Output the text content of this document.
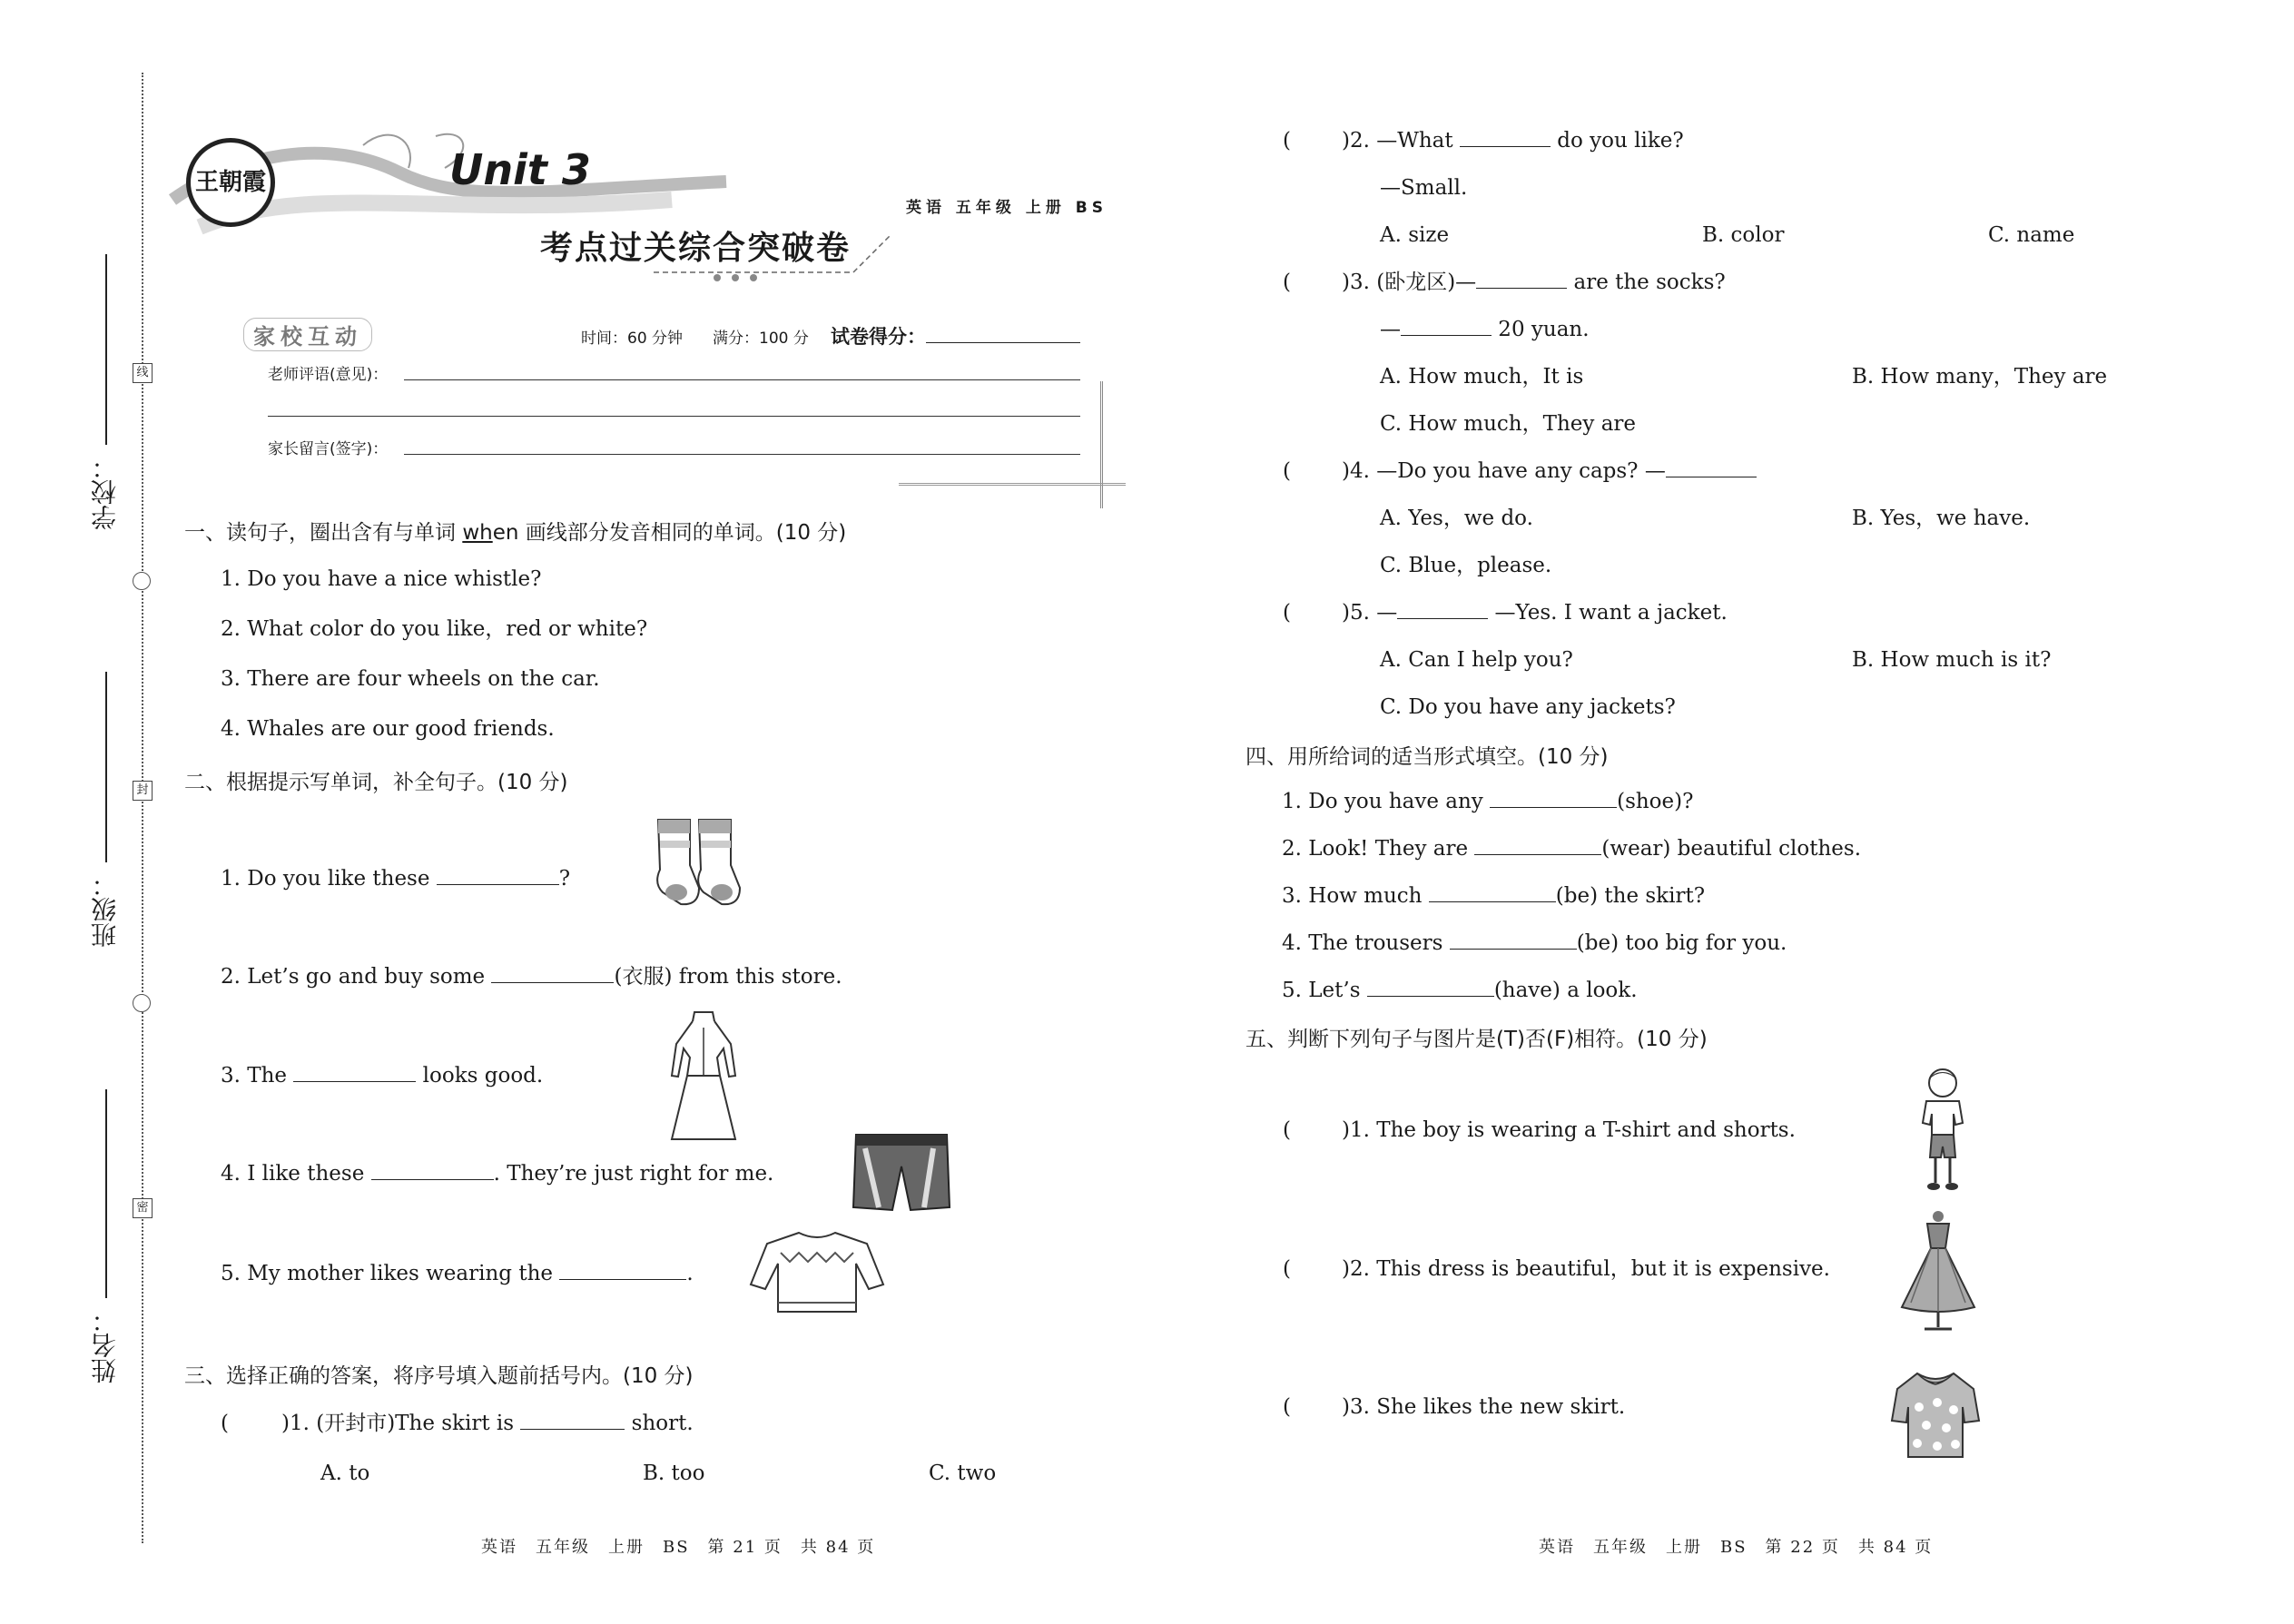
学校：
班级：
姓名：
线
封
密
王朝霞	Unit 3
考点过关综合突破卷
英语 五年级 上册 BS
家校互动	时间：60 分钟 满分：100 分 试卷得分：
老师评语(意见)：
家长留言(签字)：
一、读句子，圈出含有与单词 when 画线部分发音相同的单词。(10 分)
1. Do you have a nice whistle?
2. What color do you like，red or white?
3. There are four wheels on the car.
4. Whales are our good friends.
二、根据提示写单词，补全句子。(10 分)
1. Do you like these	?
2. Let’s go and buy some	(衣服) from this store.
3. The	looks good.
4. I like these	. They’re just right for me.
5. My mother likes wearing the	.
三、选择正确的答案，将序号填入题前括号内。(10 分)
(	)1. (开封市)The skirt is	short.
A. to	B. too	C. two
( )2. —What	do you like?
—Small.
A. size	B. color	C. name
( )3. (卧龙区)—	are the socks?
—	20 yuan.
A. How much，It is	B. How many，They are
C. How much，They are
( )4. —Do you have any caps? —
A. Yes，we do.	B. Yes，we have.
C. Blue，please.
( )5. —	—Yes. I want a jacket.
A. Can I help you?	B. How much is it?
C. Do you have any jackets?
四、用所给词的适当形式填空。(10 分)
1. Do you have any	(shoe)?
2. Look! They are	(wear) beautiful clothes.
3. How much	(be) the skirt?
4. The trousers	(be) too big for you.
5. Let’s	(have) a look.
五、判断下列句子与图片是(T)否(F)相符。(10 分)
( )1. The boy is wearing a T-shirt and shorts.
( )2. This dress is beautiful，but it is expensive.
( )3. She likes the new skirt.
英语　五年级　上册　BS　第 21 页　共 84 页	英语　五年级　上册　BS　第 22 页　共 84 页
